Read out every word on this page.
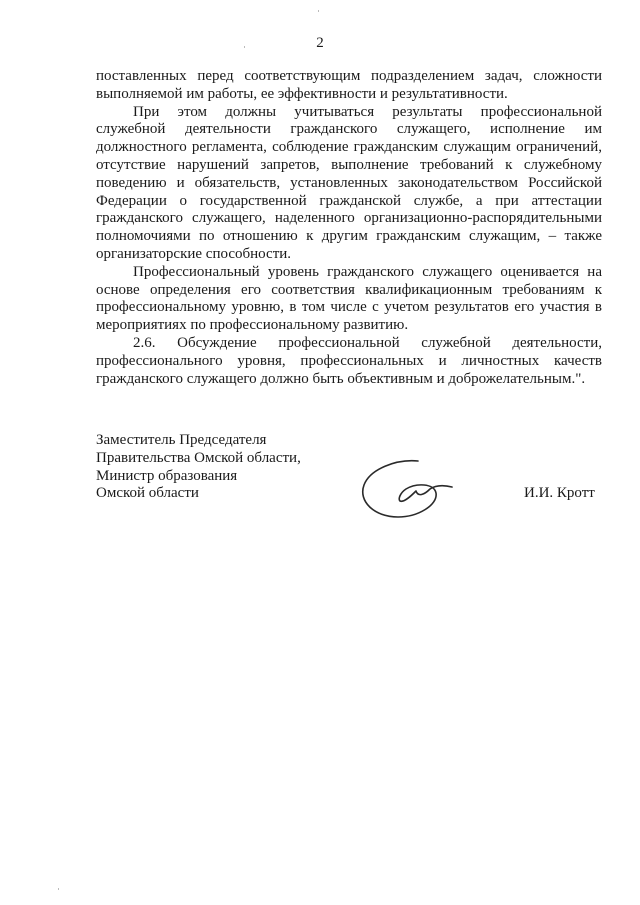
2

поставленных перед соответствующим подразделением задач, сложности выполняемой им работы, ее эффективности и результативности.

При этом должны учитываться результаты профессиональной служебной деятельности гражданского служащего, исполнение им должностного регламента, соблюдение гражданским служащим ограничений, отсутствие нарушений запретов, выполнение требований к служебному поведению и обязательств, установленных законодательством Российской Федерации о государственной гражданской службе, а при аттестации гражданского служащего, наделенного организационно-распорядительными полномочиями по отношению к другим гражданским служащим, – также организаторские способности.

Профессиональный уровень гражданского служащего оценивается на основе определения его соответствия квалификационным требованиям к профессиональному уровню, в том числе с учетом результатов его участия в мероприятиях по профессиональному развитию.

2.6. Обсуждение профессиональной служебной деятельности, профессионального уровня, профессиональных и личностных качеств гражданского служащего должно быть объективным и доброжелательным.".

Заместитель Председателя
Правительства Омской области,
Министр образования
Омской области	И.И. Кротт
